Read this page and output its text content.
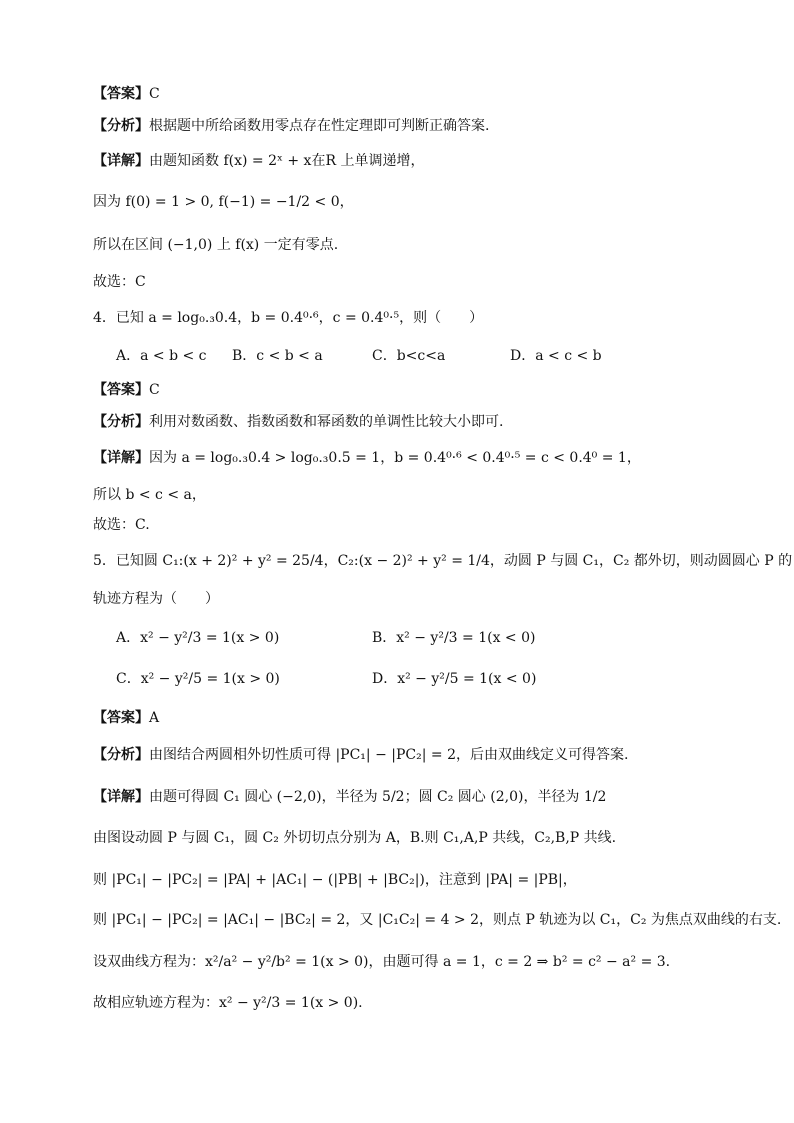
【答案】C
【分析】根据题中所给函数用零点存在性定理即可判断正确答案.
【详解】由题知函数 f(x) = 2ˣ + x在R 上单调递增，
因为 f(0) = 1 > 0, f(−1) = −1/2 < 0，
所以在区间 (−1,0) 上 f(x) 一定有零点.
故选：C
4．已知 a = log₀.₃0.4，b = 0.4⁰·⁶，c = 0.4⁰·⁵，则（　　）
A．a < b < c B．c < b < a	C．b<c<a	D．a < c < b
【答案】C
【分析】利用对数函数、指数函数和幂函数的单调性比较大小即可.
【详解】因为 a = log₀.₃0.4 > log₀.₃0.5 = 1，b = 0.4⁰·⁶ < 0.4⁰·⁵ = c < 0.4⁰ = 1，
所以 b < c < a，
故选：C.
5．已知圆 C₁:(x + 2)² + y² = 25/4，C₂:(x − 2)² + y² = 1/4，动圆 P 与圆 C₁，C₂ 都外切，则动圆圆心 P 的
轨迹方程为（　　）
A．x² − y²/3 = 1(x > 0)	B．x² − y²/3 = 1(x < 0)
C．x² − y²/5 = 1(x > 0)	D．x² − y²/5 = 1(x < 0)
【答案】A
【分析】由图结合两圆相外切性质可得 |PC₁| − |PC₂| = 2，后由双曲线定义可得答案.
【详解】由题可得圆 C₁ 圆心 (−2,0)，半径为 5/2；圆 C₂ 圆心 (2,0)，半径为 1/2
由图设动圆 P 与圆 C₁，圆 C₂ 外切切点分别为 A，B.则 C₁,A,P 共线，C₂,B,P 共线.
则 |PC₁| − |PC₂| = |PA| + |AC₁| − (|PB| + |BC₂|)，注意到 |PA| = |PB|，
则 |PC₁| − |PC₂| = |AC₁| − |BC₂| = 2，又 |C₁C₂| = 4 > 2，则点 P 轨迹为以 C₁，C₂ 为焦点双曲线的右支.
设双曲线方程为：x²/a² − y²/b² = 1(x > 0)，由题可得 a = 1，c = 2 ⇒ b² = c² − a² = 3.
故相应轨迹方程为：x² − y²/3 = 1(x > 0).
